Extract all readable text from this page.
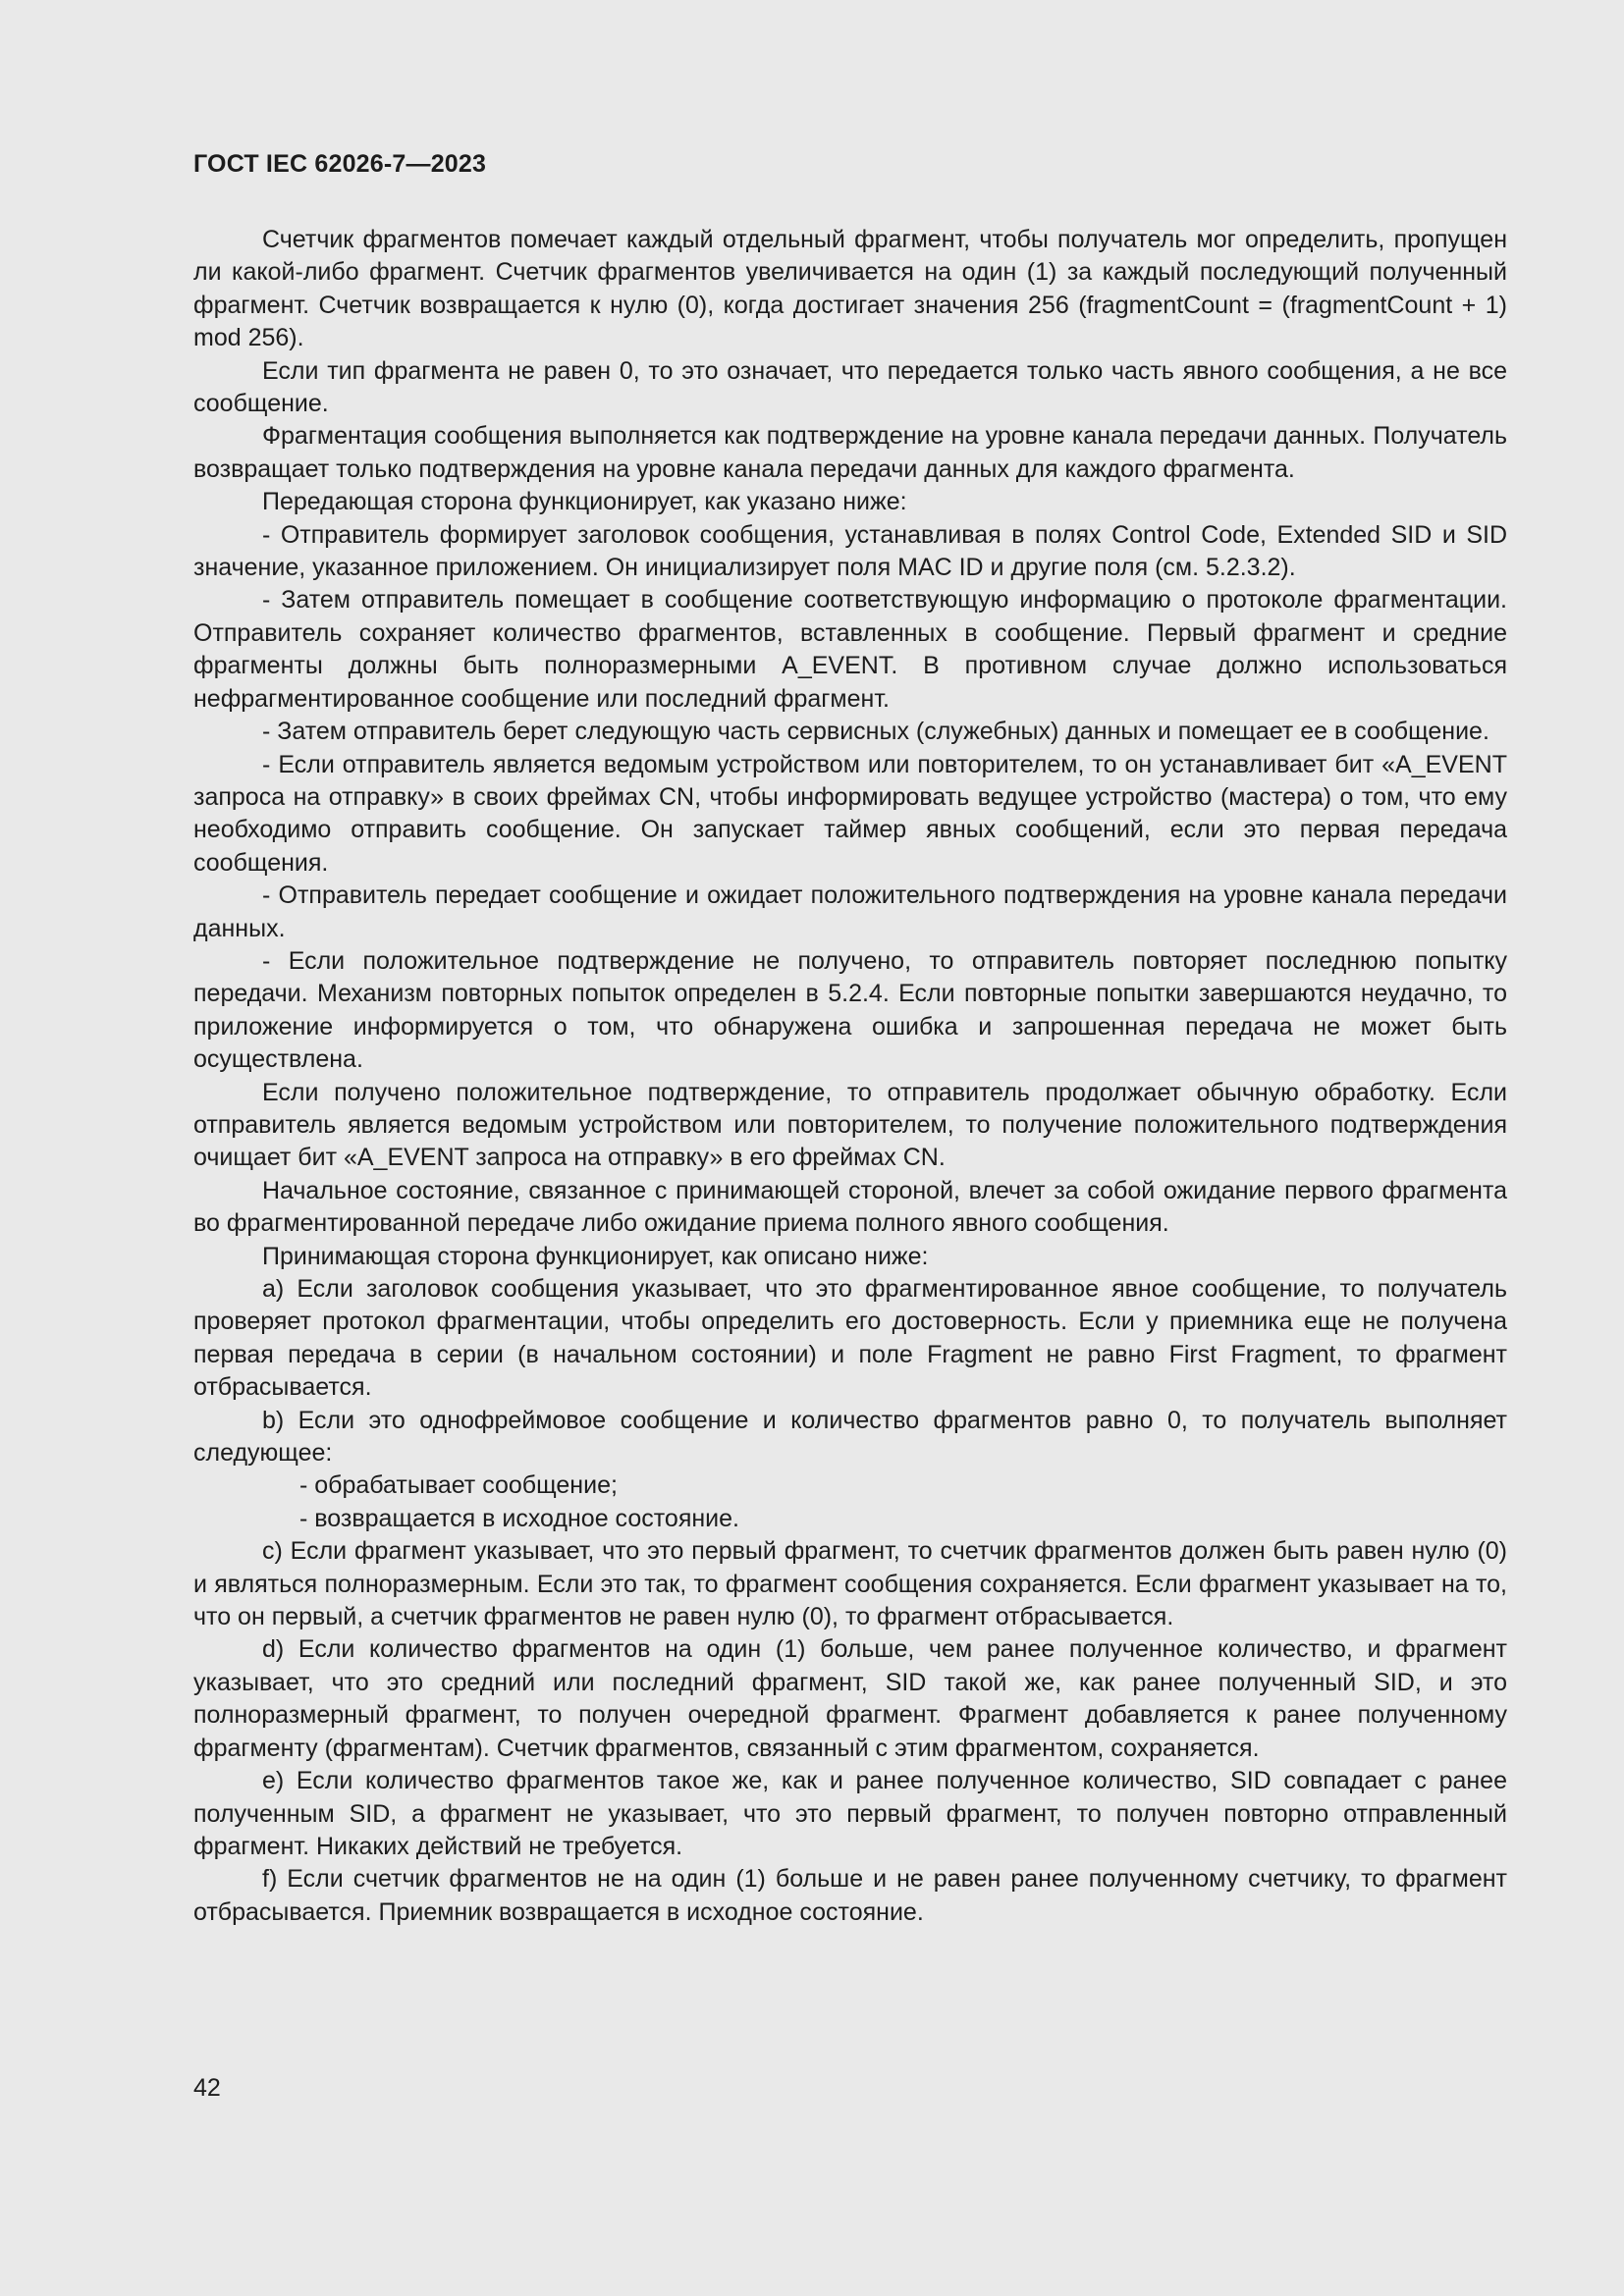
ГОСТ IEC 62026-7—2023

Счетчик фрагментов помечает каждый отдельный фрагмент, чтобы получатель мог определить, пропущен ли какой-либо фрагмент. Счетчик фрагментов увеличивается на один (1) за каждый последующий полученный фрагмент. Счетчик возвращается к нулю (0), когда достигает значения 256 (fragmentCount = (fragmentCount + 1) mod 256).

Если тип фрагмента не равен 0, то это означает, что передается только часть явного сообщения, а не все сообщение.

Фрагментация сообщения выполняется как подтверждение на уровне канала передачи данных. Получатель возвращает только подтверждения на уровне канала передачи данных для каждого фрагмента.

Передающая сторона функционирует, как указано ниже:

- Отправитель формирует заголовок сообщения, устанавливая в полях Control Code, Extended SID и SID значение, указанное приложением. Он инициализирует поля MAC ID и другие поля (см. 5.2.3.2).

- Затем отправитель помещает в сообщение соответствующую информацию о протоколе фрагментации. Отправитель сохраняет количество фрагментов, вставленных в сообщение. Первый фрагмент и средние фрагменты должны быть полноразмерными A_EVENT. В противном случае должно использоваться нефрагментированное сообщение или последний фрагмент.

- Затем отправитель берет следующую часть сервисных (служебных) данных и помещает ее в сообщение.

- Если отправитель является ведомым устройством или повторителем, то он устанавливает бит «A_EVENT запроса на отправку» в своих фреймах CN, чтобы информировать ведущее устройство (мастера) о том, что ему необходимо отправить сообщение. Он запускает таймер явных сообщений, если это первая передача сообщения.

- Отправитель передает сообщение и ожидает положительного подтверждения на уровне канала передачи данных.

- Если положительное подтверждение не получено, то отправитель повторяет последнюю попытку передачи. Механизм повторных попыток определен в 5.2.4. Если повторные попытки завершаются неудачно, то приложение информируется о том, что обнаружена ошибка и запрошенная передача не может быть осуществлена.

Если получено положительное подтверждение, то отправитель продолжает обычную обработку. Если отправитель является ведомым устройством или повторителем, то получение положительного подтверждения очищает бит «A_EVENT запроса на отправку» в его фреймах CN.

Начальное состояние, связанное с принимающей стороной, влечет за собой ожидание первого фрагмента во фрагментированной передаче либо ожидание приема полного явного сообщения.

Принимающая сторона функционирует, как описано ниже:

a) Если заголовок сообщения указывает, что это фрагментированное явное сообщение, то получатель проверяет протокол фрагментации, чтобы определить его достоверность. Если у приемника еще не получена первая передача в серии (в начальном состоянии) и поле Fragment не равно First Fragment, то фрагмент отбрасывается.

b) Если это однофреймовое сообщение и количество фрагментов равно 0, то получатель выполняет следующее:

- обрабатывает сообщение;

- возвращается в исходное состояние.

c) Если фрагмент указывает, что это первый фрагмент, то счетчик фрагментов должен быть равен нулю (0) и являться полноразмерным. Если это так, то фрагмент сообщения сохраняется. Если фрагмент указывает на то, что он первый, а счетчик фрагментов не равен нулю (0), то фрагмент отбрасывается.

d) Если количество фрагментов на один (1) больше, чем ранее полученное количество, и фрагмент указывает, что это средний или последний фрагмент, SID такой же, как ранее полученный SID, и это полноразмерный фрагмент, то получен очередной фрагмент. Фрагмент добавляется к ранее полученному фрагменту (фрагментам). Счетчик фрагментов, связанный с этим фрагментом, сохраняется.

e) Если количество фрагментов такое же, как и ранее полученное количество, SID совпадает с ранее полученным SID, а фрагмент не указывает, что это первый фрагмент, то получен повторно отправленный фрагмент. Никаких действий не требуется.

f) Если счетчик фрагментов не на один (1) больше и не равен ранее полученному счетчику, то фрагмент отбрасывается. Приемник возвращается в исходное состояние.

42
